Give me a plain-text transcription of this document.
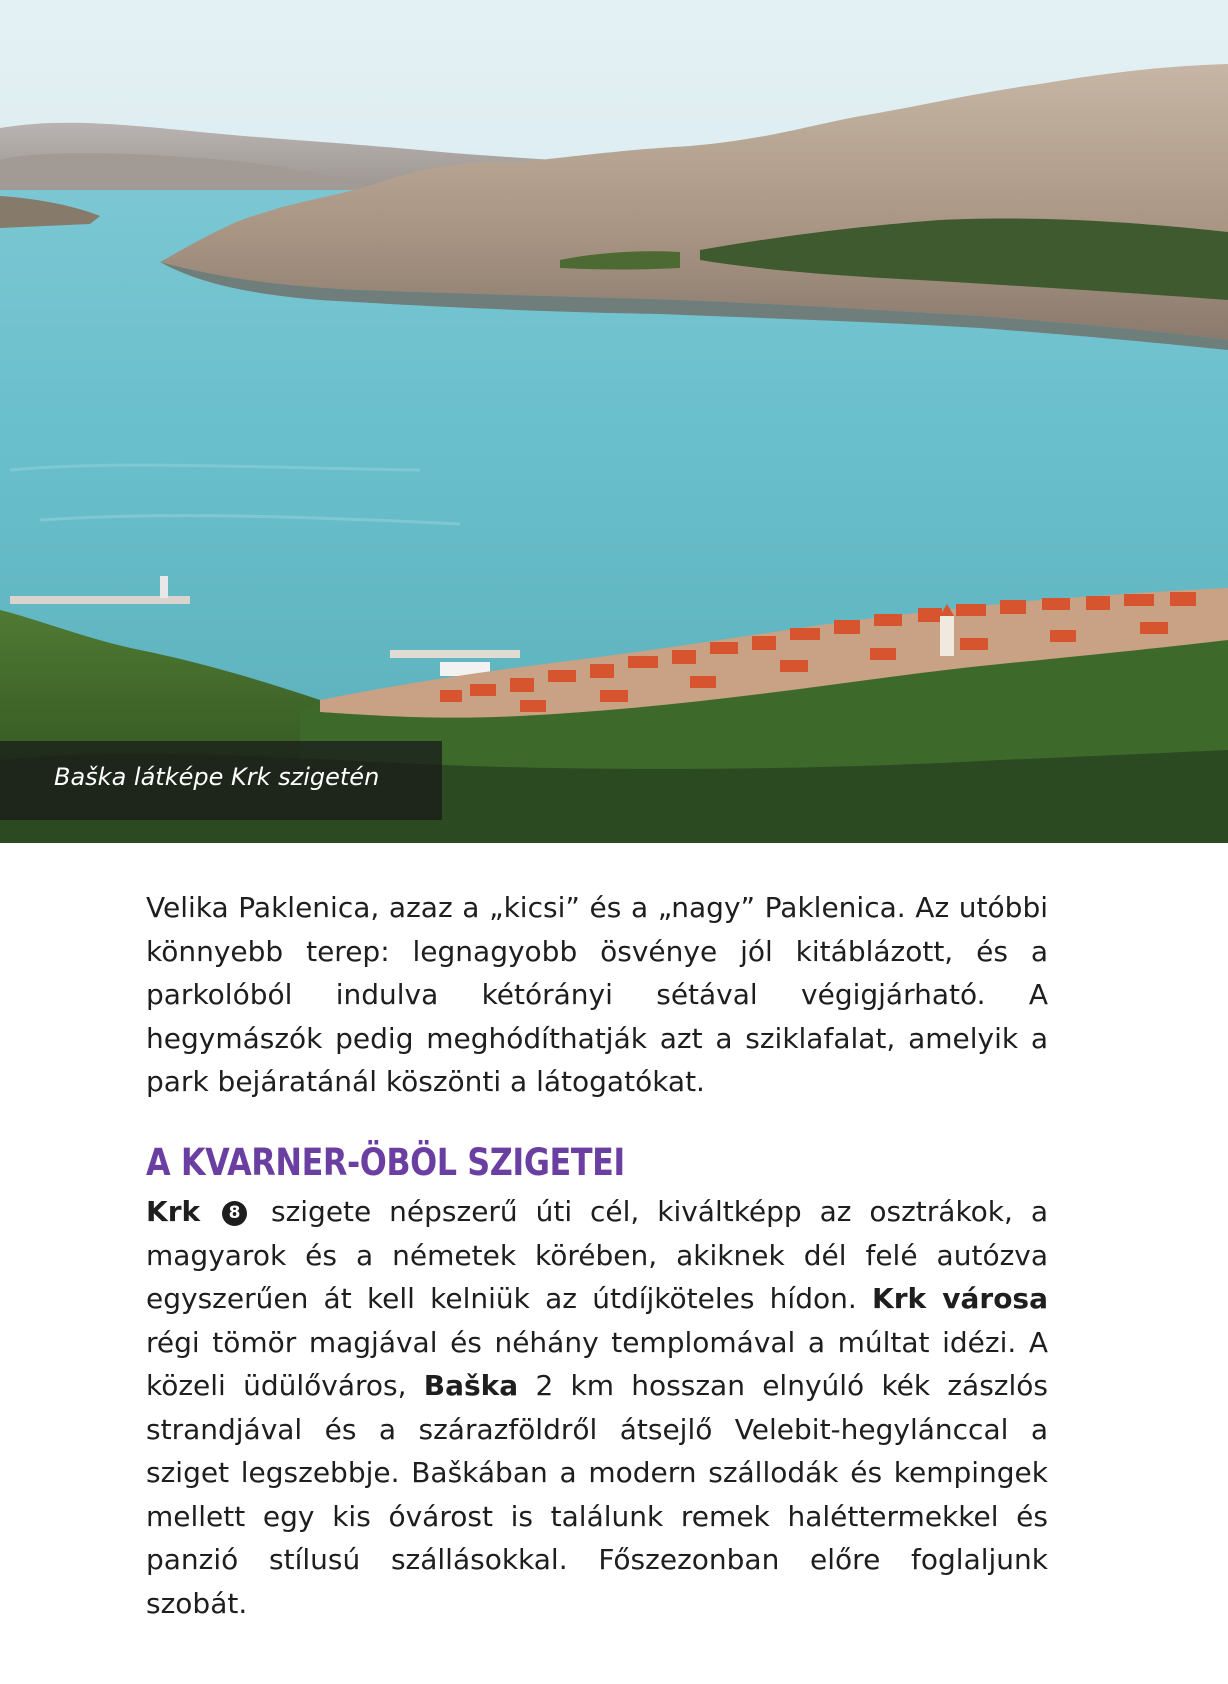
Baška látképe Krk szigetén
Velika Paklenica, azaz a „kicsi” és a „nagy” Paklenica. Az utóbbi könnyebb terep: legnagyobb ösvénye jól kitáblázott, és a parkolóból indulva kétórányi sétával végigjárható. A hegymászók pedig meghódíthatják azt a sziklafalat, amelyik a park bejáratánál köszönti a látogatókat.
A KVARNER-ÖBÖL SZIGETEI
Krk 8 szigete népszerű úti cél, kiváltképp az osztrákok, a magyarok és a németek körében, akiknek dél felé autózva egyszerűen át kell kelniük az útdíjköteles hídon. Krk városa régi tömör magjával és néhány templomával a múltat idézi. A közeli üdülőváros, Baška 2 km hosszan elnyúló kék zászlós strandjával és a szárazföldről átsejlő Velebit-hegylánccal a sziget legszebbje. Baškában a modern szállodák és kempingek mellett egy kis óvárost is találunk remek haléttermekkel és panzió stílusú szállásokkal. Főszezonban előre foglaljunk szobát.
